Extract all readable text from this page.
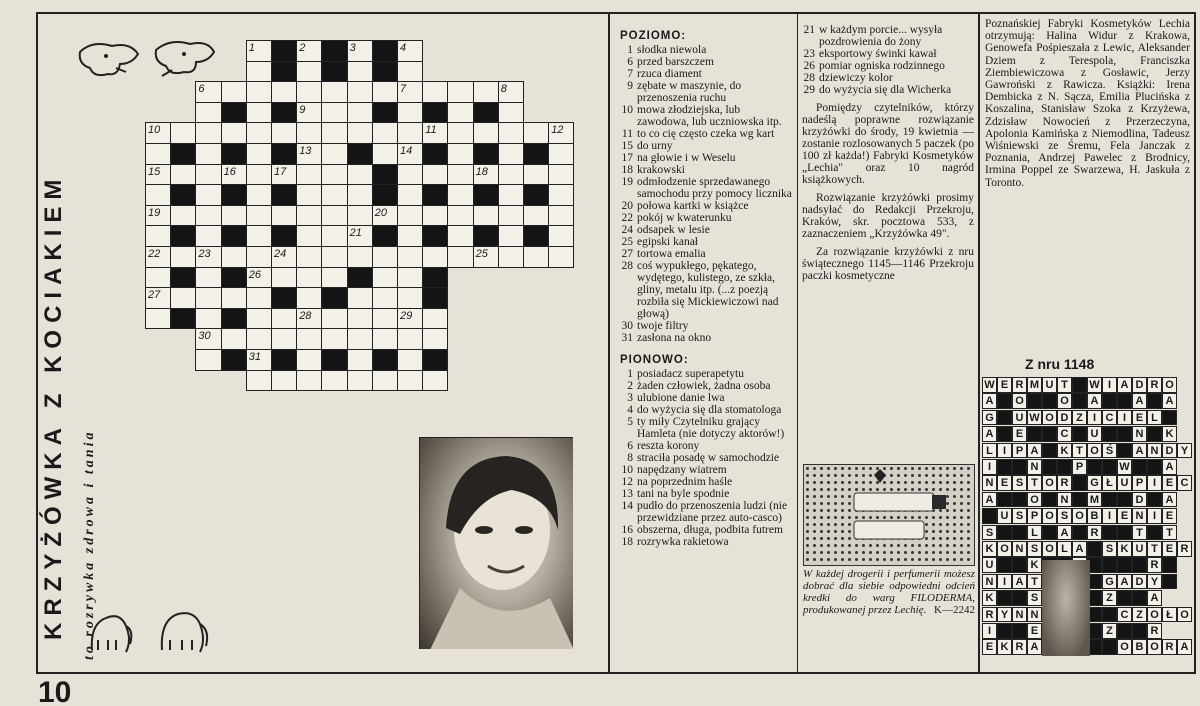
KRZYŻÓWKA Z KOCIAKIEM to rozrywka zdrowa i tania
1	2	3	4
6	7	8
9
10	11	12
13	14
15	16	17	18
19	20
21
22	23	24	25
26
27
28	29
30
31
POZIOMO:
1 słodka niewola
6 przed barszczem
7 rzuca diament
9 zębate w maszynie, do przenoszenia ruchu
10 mowa złodziejska, lub zawodowa, lub uczniowska itp.
11 to co cię często czeka wg kart
15 do urny
17 na głowie i w Weselu
18 krakowski
19 odmłodzenie sprzedawanego samochodu przy pomocy licznika
20 połowa kartki w książce
22 pokój w kwaterunku
24 odsapek w lesie
25 egipski kanał
27 tortowa emalia
28 coś wypukłego, pękatego, wydętego, kulistego, ze szkła, gliny, metalu itp. (...z poezją rozbiła się Mickiewiczowi nad głową)
30 twoje filtry
31 zasłona na okno
PIONOWO:
1 posiadacz superapetytu
2 żaden człowiek, żadna osoba
3 ulubione danie lwa
4 do wyżycia się dla stomatologa
5 ty miły Czytelniku grający Hamleta (nie dotyczy aktorów!)
6 reszta korony
8 straciła posadę w samochodzie
10 napędzany wiatrem
12 na poprzednim haśle
13 tani na byle spodnie
14 pudło do przenoszenia ludzi (nie przewidziane przez auto-casco)
16 obszerna, długa, podbita futrem
18 rozrywka rakietowa
21 w każdym porcie... wysyła pozdrowienia do żony
23 eksportowy świnki kawał
26 pomiar ogniska rodzinnego
28 dziewiczy kolor
29 do wyżycia się dla Wicherka

Pomiędzy czytelników, którzy nadeślą poprawne rozwiązanie krzyżówki do środy, 19 kwietnia — zostanie rozlosowanych 5 paczek (po 100 zł każda!) Fabryki Kosmetyków „Lechia" oraz 10 nagród książkowych.

Rozwiązanie krzyżówki prosimy nadsyłać do Redakcji Przekroju, Kraków, skr. pocztowa 533, z zaznaczeniem „Krzyżówka 49".

Za rozwiązanie krzyżówki z nru świątecznego 1145—1146 Przekroju paczki kosmetyczne

W każdej drogerii i perfumerii możesz dobrać dla siebie odpowiedni odcień kredki do warg FILODERMA, produkowanej przez Lechię. K—2242
Poznańskiej Fabryki Kosmetyków Lechia otrzymują: Halina Widur z Krakowa, Genowefa Pośpieszała z Lewic, Aleksander Dziem z Terespola, Franciszka Ziembiewiczowa z Gosławic, Jerzy Gawroński z Rawicza. Książki: Irena Dembicka z N. Sącza, Emilia Plucińska z Koszalina, Stanisław Szoka z Krzyżewa, Zdzisław Nowocień z Przerzeczyna, Apolonia Kamińska z Niemodlina, Tadeusz Wiśniewski ze Śremu, Fela Janczak z Poznania, Andrzej Pawelec z Brodnicy, Irmina Poppel ze Swarzewa, H. Jaskuła z Toronto.
Z nru 1148
W E R M U T	W I A D R O
A	O	O	A	A	A
G	U W O D Z I C I E L
A	E	C	U	N	K
L I P A	K T O Ś	A N D Y
I	N	P	W	A
N E S T O R	G Ł U P I E C
A	O	N	M	D	A
U S P O S O B I E N I E
S	L	A	R	T	T
K O N S O L A	S K U T E R
U	K	R
N I A T	G A D Y
K	S	Z	A
R Y N N	C Z O Ł O
I	E	Z	R
E K R A	O B O R A
10
